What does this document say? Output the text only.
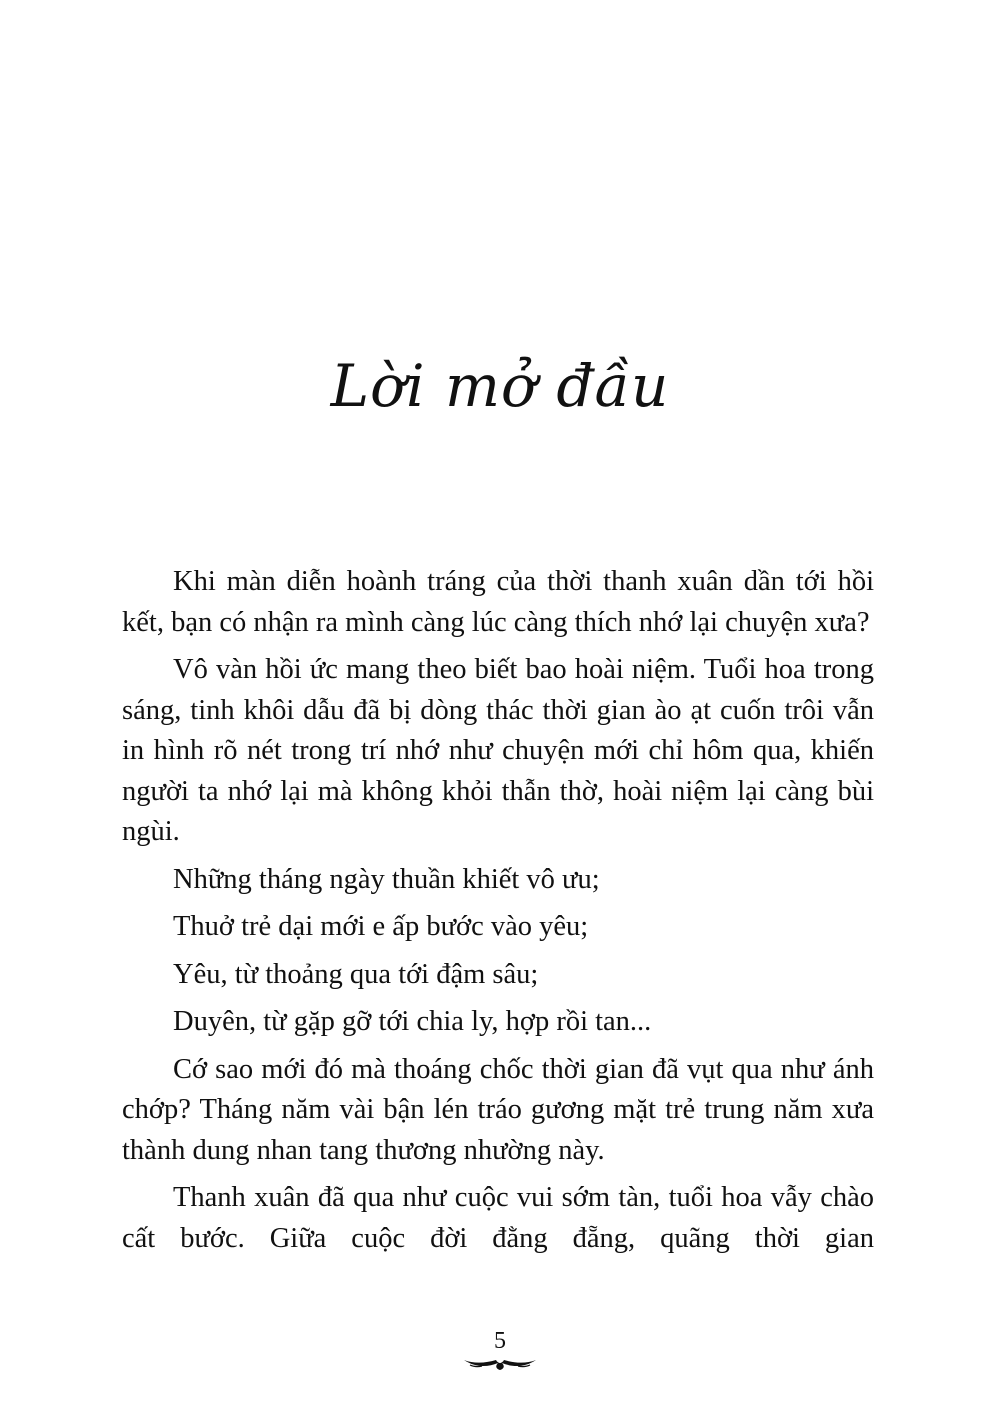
Lời mở đầu

Khi màn diễn hoành tráng của thời thanh xuân dần tới hồi kết, bạn có nhận ra mình càng lúc càng thích nhớ lại chuyện xưa?

Vô vàn hồi ức mang theo biết bao hoài niệm. Tuổi hoa trong sáng, tinh khôi dẫu đã bị dòng thác thời gian ào ạt cuốn trôi vẫn in hình rõ nét trong trí nhớ như chuyện mới chỉ hôm qua, khiến người ta nhớ lại mà không khỏi thẫn thờ, hoài niệm lại càng bùi ngùi.

Những tháng ngày thuần khiết vô ưu;

Thuở trẻ dại mới e ấp bước vào yêu;

Yêu, từ thoảng qua tới đậm sâu;

Duyên, từ gặp gỡ tới chia ly, hợp rồi tan...

Cớ sao mới đó mà thoáng chốc thời gian đã vụt qua như ánh chớp? Tháng năm vài bận lén tráo gương mặt trẻ trung năm xưa thành dung nhan tang thương nhường này.

Thanh xuân đã qua như cuộc vui sớm tàn, tuổi hoa vẫy chào cất bước. Giữa cuộc đời đằng đẵng, quãng thời gian

5
